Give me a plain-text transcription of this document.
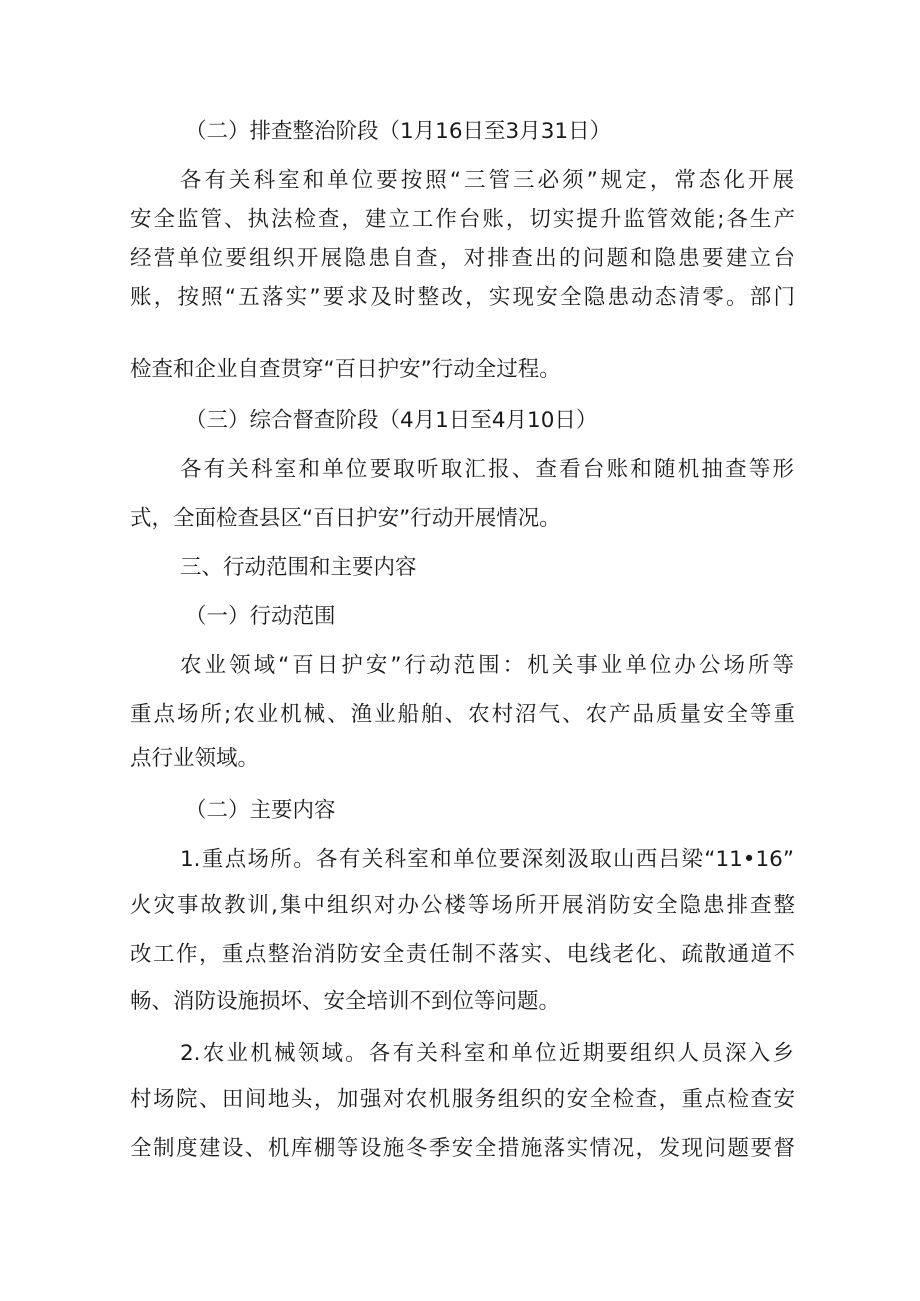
（二）排查整治阶段（1月16日至3月31日）
各有关科室和单位要按照“三管三必须”规定，常态化开展
安全监管、执法检查，建立工作台账，切实提升监管效能;各生产
经营单位要组织开展隐患自查，对排查出的问题和隐患要建立台
账，按照“五落实”要求及时整改，实现安全隐患动态清零。部门
检查和企业自查贯穿“百日护安”行动全过程。
（三）综合督查阶段（4月1日至4月10日）
各有关科室和单位要取听取汇报、查看台账和随机抽查等形
式，全面检查县区“百日护安”行动开展情况。
三、行动范围和主要内容
（一）行动范围
农业领域“百日护安”行动范围：机关事业单位办公场所等
重点场所;农业机械、渔业船舶、农村沼气、农产品质量安全等重
点行业领域。
（二）主要内容
1.重点场所。各有关科室和单位要深刻汲取山西吕梁“11•16”
火灾事故教训,集中组织对办公楼等场所开展消防安全隐患排查整
改工作，重点整治消防安全责任制不落实、电线老化、疏散通道不
畅、消防设施损坏、安全培训不到位等问题。
2.农业机械领域。各有关科室和单位近期要组织人员深入乡
村场院、田间地头，加强对农机服务组织的安全检查，重点检查安
全制度建设、机库棚等设施冬季安全措施落实情况，发现问题要督
